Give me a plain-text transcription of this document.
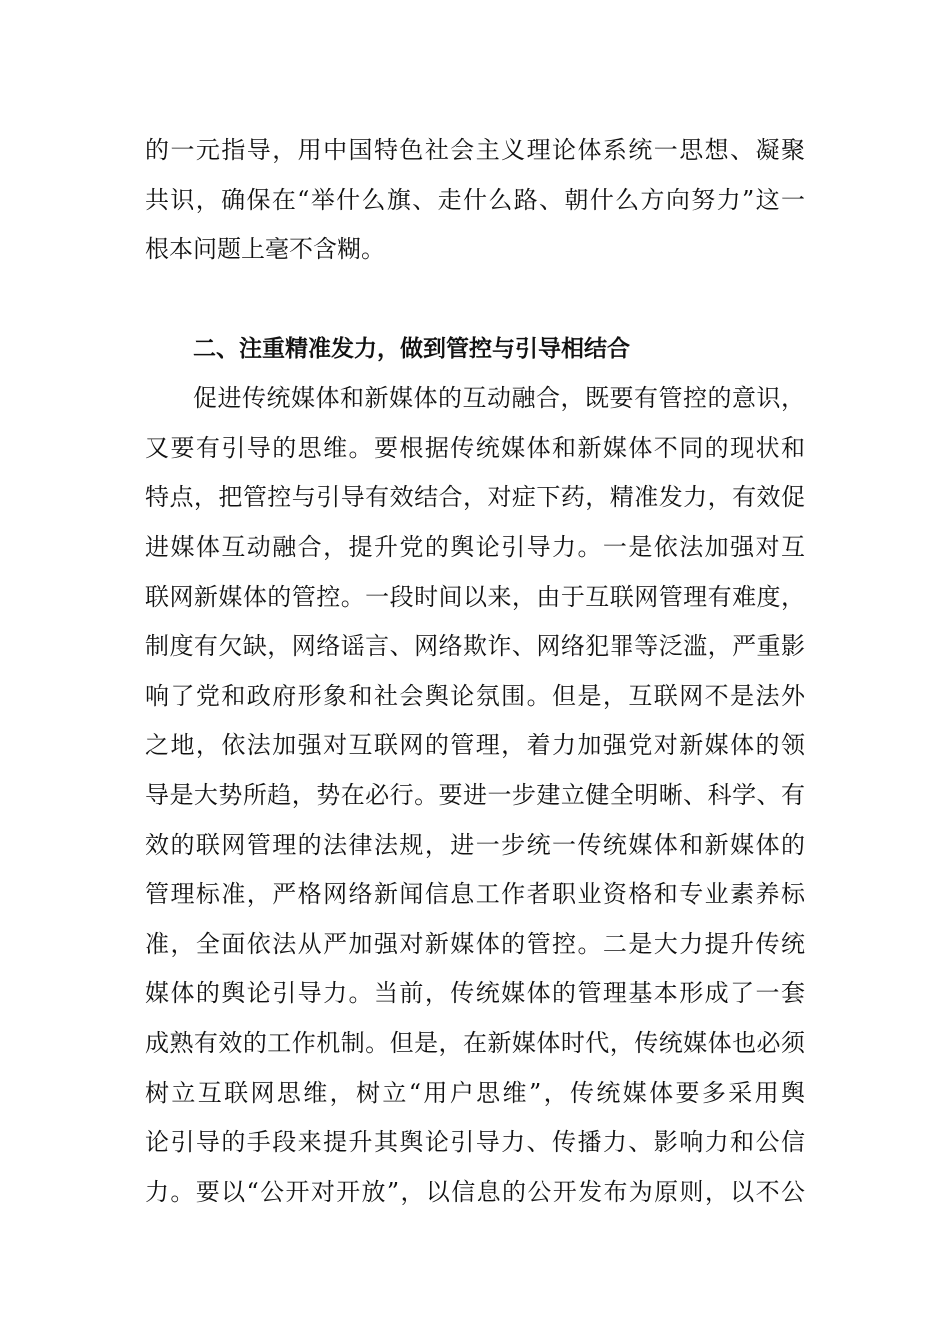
的一元指导，用中国特色社会主义理论体系统一思想、凝聚
共识，确保在“举什么旗、走什么路、朝什么方向努力”这一
根本问题上毫不含糊。
二、注重精准发力，做到管控与引导相结合
促进传统媒体和新媒体的互动融合，既要有管控的意识，
又要有引导的思维。要根据传统媒体和新媒体不同的现状和
特点，把管控与引导有效结合，对症下药，精准发力，有效促
进媒体互动融合，提升党的舆论引导力。一是依法加强对互
联网新媒体的管控。一段时间以来，由于互联网管理有难度，
制度有欠缺，网络谣言、网络欺诈、网络犯罪等泛滥，严重影
响了党和政府形象和社会舆论氛围。但是，互联网不是法外
之地，依法加强对互联网的管理，着力加强党对新媒体的领
导是大势所趋，势在必行。要进一步建立健全明晰、科学、有
效的联网管理的法律法规，进一步统一传统媒体和新媒体的
管理标准，严格网络新闻信息工作者职业资格和专业素养标
准，全面依法从严加强对新媒体的管控。二是大力提升传统
媒体的舆论引导力。当前，传统媒体的管理基本形成了一套
成熟有效的工作机制。但是，在新媒体时代，传统媒体也必须
树立互联网思维，树立“用户思维”，传统媒体要多采用舆
论引导的手段来提升其舆论引导力、传播力、影响力和公信
力。要以“公开对开放”，以信息的公开发布为原则，以不公
